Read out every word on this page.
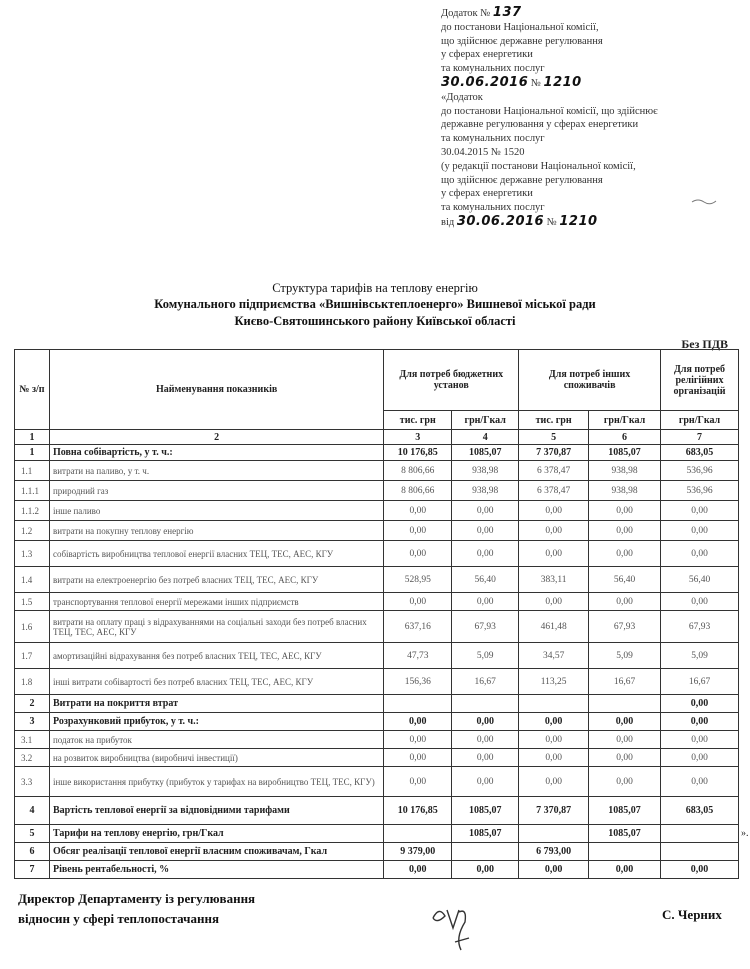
Додаток № 137
до постанови Національної комісії,
що здійснює державне регулювання
у сферах енергетики
та комунальних послуг
30.06.2016 № 1210
«Додаток
до постанови Національної комісії, що здійснює
державне регулювання у сферах енергетики
та комунальних послуг
30.04.2015 № 1520
(у редакції постанови Національної комісії,
що здійснює державне регулювання
у сферах енергетики
та комунальних послуг
від 30.06.2016 № 1210
Структура тарифів на теплову енергію
Комунального підприємства «Вишнівськтеплоенерго» Вишневої міської ради
Києво-Святошинського району Київської області
Без ПДВ
№ з/п	Найменування показників	Для потреб бюджетних установ		Для потреб інших споживачів		Для потреб релігійних організацій
		тис. грн	грн/Гкал	тис. грн	грн/Гкал	грн/Гкал
1	2	3	4	5	6	7
1	Повна собівартість, у т. ч.:	10 176,85	1085,07	7 370,87	1085,07	683,05
1.1	витрати на паливо, у т. ч.	8 806,66	938,98	6 378,47	938,98	536,96
1.1.1	природний газ	8 806,66	938,98	6 378,47	938,98	536,96
1.1.2	інше паливо	0,00	0,00	0,00	0,00	0,00
1.2	витрати на покупну теплову енергію	0,00	0,00	0,00	0,00	0,00
1.3	собівартість виробництва теплової енергії власних ТЕЦ, ТЕС, АЕС, КГУ	0,00	0,00	0,00	0,00	0,00
1.4	витрати на електроенергію без потреб власних ТЕЦ, ТЕС, АЕС, КГУ	528,95	56,40	383,11	56,40	56,40
1.5	транспортування теплової енергії мережами інших підприємств	0,00	0,00	0,00	0,00	0,00
1.6	витрати на оплату праці з відрахуваннями на соціальні заходи без потреб власних ТЕЦ, ТЕС, АЕС, КГУ	637,16	67,93	461,48	67,93	67,93
1.7	амортизаційні відрахування без потреб власних ТЕЦ, ТЕС, АЕС, КГУ	47,73	5,09	34,57	5,09	5,09
1.8	інші витрати собівартості без потреб власних ТЕЦ, ТЕС, АЕС, КГУ	156,36	16,67	113,25	16,67	16,67
2	Витрати на покриття втрат					0,00
3	Розрахунковий прибуток, у т. ч.:	0,00	0,00	0,00	0,00	0,00
3.1	податок на прибуток	0,00	0,00	0,00	0,00	0,00
3.2	на розвиток виробництва (виробничі інвестиції)	0,00	0,00	0,00	0,00	0,00
3.3	інше використання прибутку (прибуток у тарифах на виробництво ТЕЦ, ТЕС, КГУ)	0,00	0,00	0,00	0,00	0,00
4	Вартість теплової енергії за відповідними тарифами	10 176,85	1085,07	7 370,87	1085,07	683,05
5	Тарифи на теплову енергію, грн/Гкал		1085,07		1085,07	
6	Обсяг реалізації теплової енергії власним споживачам, Гкал	9 379,00		6 793,00		
7	Рівень рентабельності, %	0,00	0,00	0,00	0,00	0,00
».
Директор Департаменту із регулювання
відносин у сфері теплопостачання	С. Черних
